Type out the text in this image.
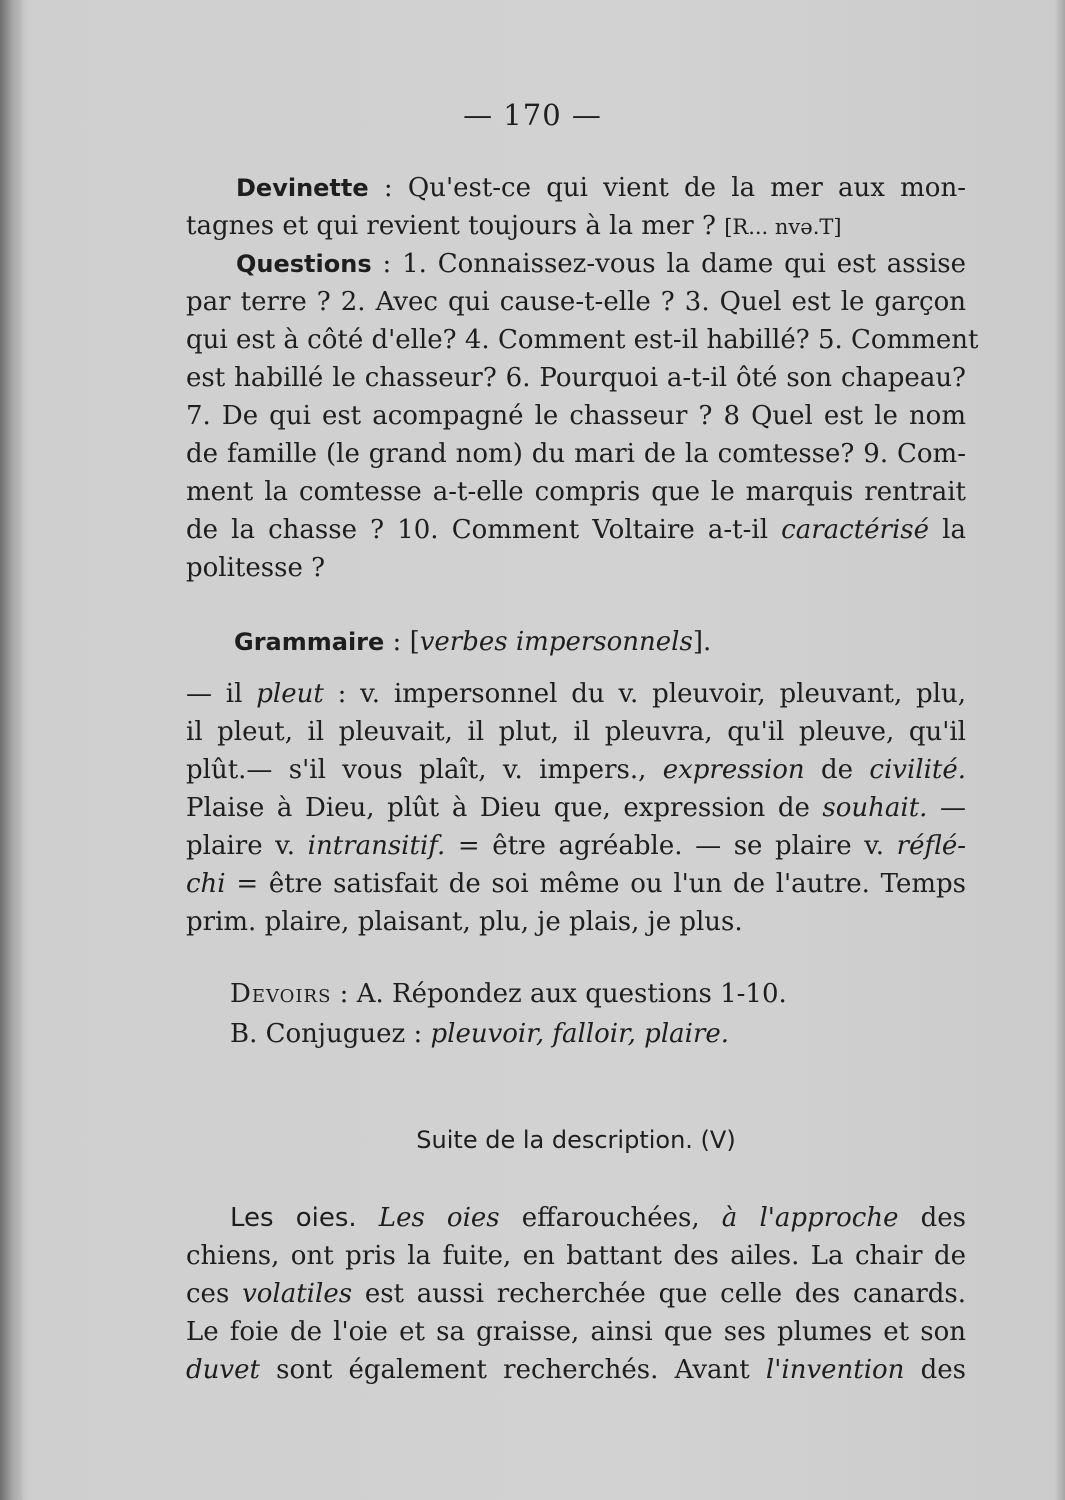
— 170 —
Devinette : Qu'est-ce qui vient de la mer aux mon-
tagnes et qui revient toujours à la mer ? [R... nvǝ.T]
Questions : 1. Connaissez-vous la dame qui est assise
par terre ? 2. Avec qui cause-t-elle ? 3. Quel est le garçon
qui est à côté d'elle? 4. Comment est-il habillé? 5. Comment
est habillé le chasseur? 6. Pourquoi a-t-il ôté son chapeau?
7. De qui est acompagné le chasseur ? 8 Quel est le nom
de famille (le grand nom) du mari de la comtesse? 9. Com-
ment la comtesse a-t-elle compris que le marquis rentrait
de la chasse ? 10. Comment Voltaire a-t-il caractérisé la
politesse ?
Grammaire : [verbes impersonnels].
— il pleut : v. impersonnel du v. pleuvoir, pleuvant, plu,
il pleut, il pleuvait, il plut, il pleuvra, qu'il pleuve, qu'il
plût.— s'il vous plaît, v. impers., expression de civilité.
Plaise à Dieu, plût à Dieu que, expression de souhait. —
plaire v. intransitif. = être agréable. — se plaire v. réflé-
chi = être satisfait de soi même ou l'un de l'autre. Temps
prim. plaire, plaisant, plu, je plais, je plus.
Devoirs : A. Répondez aux questions 1-10.
B. Conjuguez : pleuvoir, falloir, plaire.
Suite de la description. (V)
Les oies. Les oies effarouchées, à l'approche des
chiens, ont pris la fuite, en battant des ailes. La chair de
ces volatiles est aussi recherchée que celle des canards.
Le foie de l'oie et sa graisse, ainsi que ses plumes et son
duvet sont également recherchés. Avant l'invention des
